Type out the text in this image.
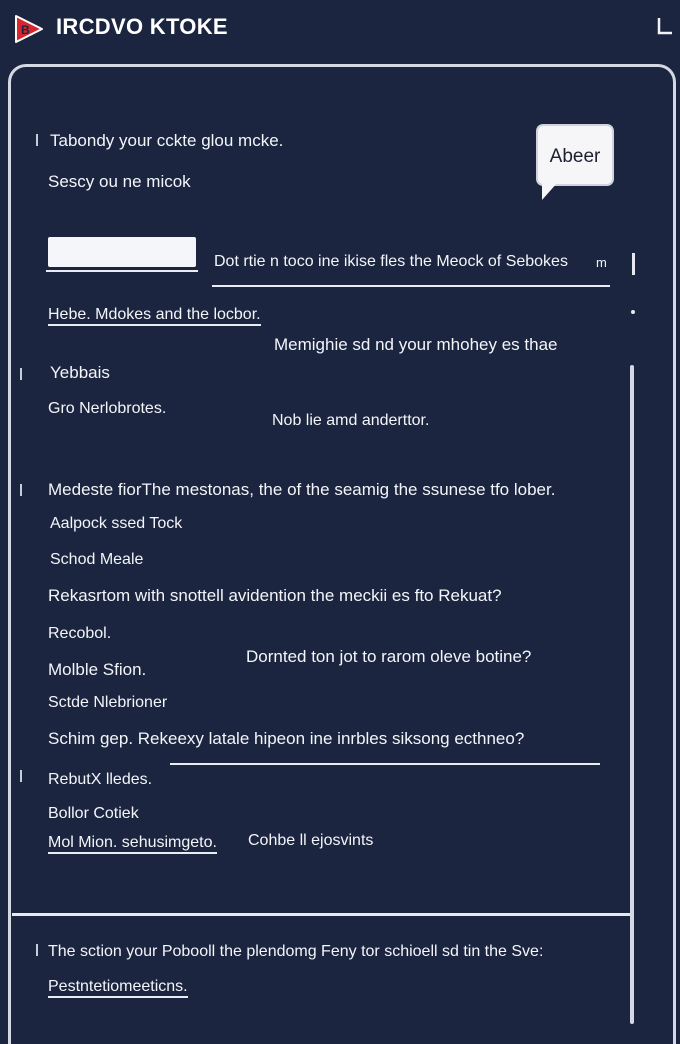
B IRCDVO KTOKE
Tabondy your cckte glou mcke.
Sescy ou ne micok
Abeer
Dot rtie n toco ine ikise fles the Meock of Sebokes m
Hebe. Mdokes and the locbor.
Memighie sd nd your mhohey es thae
Yebbais
Gro Nerlobrotes.
Nob lie amd anderttor.
Medeste fiorThe mestonas, the of the seamig the ssunese tfo lober.
Aalpock ssed Tock
Schod Meale
Rekasrtom with snottell avidention the meckii es fto Rekuat?
Recobol.
Dornted ton jot to rarom oleve botine?
Molble Sfion.
Sctde Nlebrioner
Schim gep. Rekeexy latale hipeon ine inrbles siksong ecthneo?
RebutX lledes.
Bollor Cotiek
Mol Mion. sehusimgeto. Cohbe ll ejosvints
The sction your Pobooll the plendomg Feny tor schioell sd tin the Sve:
Pestntetiomeeticns.
